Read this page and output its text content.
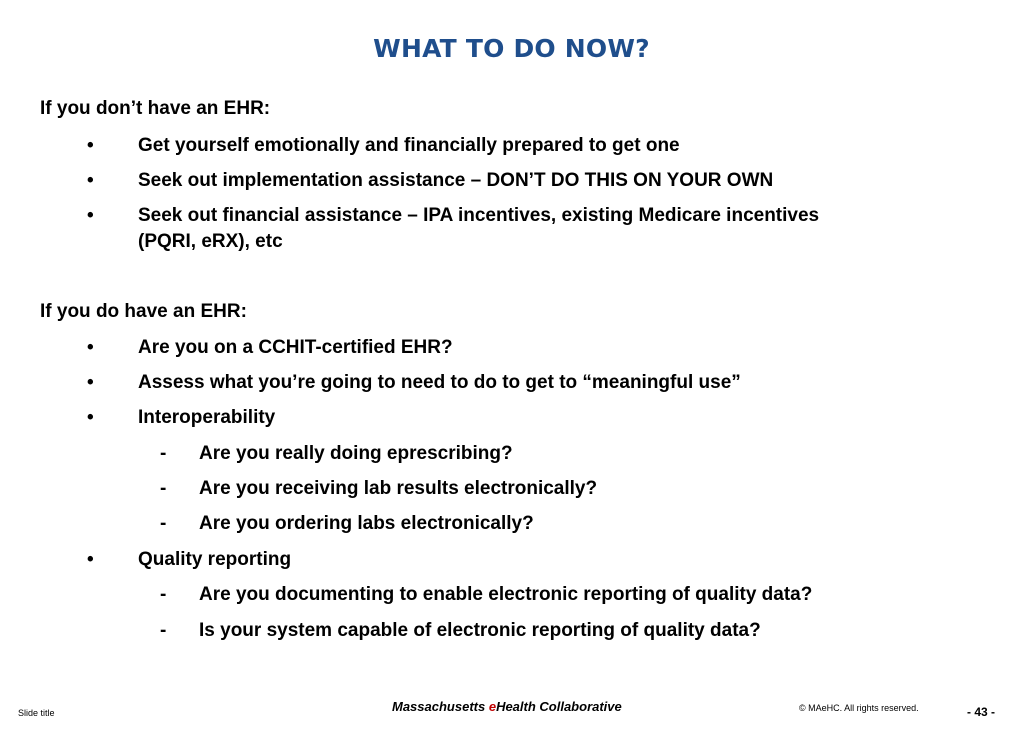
WHAT TO DO NOW?
If you don’t have an EHR:
• Get yourself emotionally and financially prepared to get one
• Seek out implementation assistance – DON’T DO THIS ON YOUR OWN
• Seek out financial assistance – IPA incentives, existing Medicare incentives
(PQRI, eRX), etc
If you do have an EHR:
• Are you on a CCHIT-certified EHR?
• Assess what you’re going to need to do to get to “meaningful use”
• Interoperability
- Are you really doing eprescribing?
- Are you receiving lab results electronically?
- Are you ordering labs electronically?
• Quality reporting
- Are you documenting to enable electronic reporting of quality data?
- Is your system capable of electronic reporting of quality data?
Slide title	Massachusetts eHealth Collaborative	© MAeHC. All rights reserved.	- 43 -
